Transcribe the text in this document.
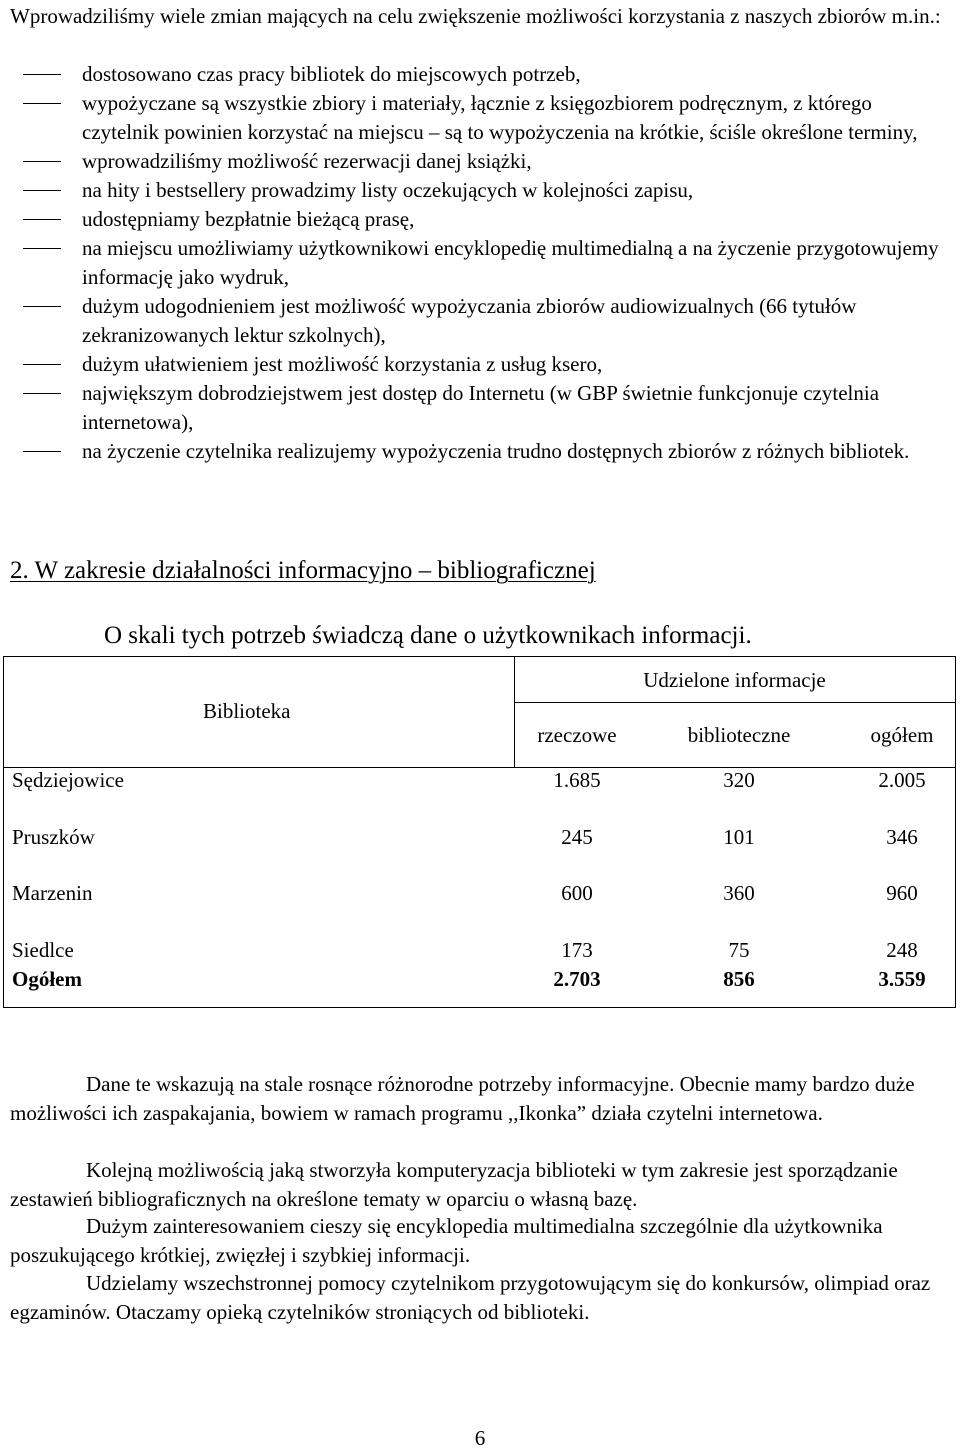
Wprowadziliśmy wiele zmian mających na celu zwiększenie możliwości korzystania z naszych zbiorów m.in.:

dostosowano czas pracy bibliotek do miejscowych potrzeb,
wypożyczane są wszystkie zbiory i materiały, łącznie z księgozbiorem podręcznym, z którego czytelnik powinien korzystać na miejscu – są to wypożyczenia na krótkie, ściśle określone terminy,
wprowadziliśmy możliwość rezerwacji danej książki,
na hity i bestsellery prowadzimy listy oczekujących w kolejności zapisu,
udostępniamy bezpłatnie bieżącą prasę,
na miejscu umożliwiamy użytkownikowi encyklopedię multimedialną a na życzenie przygotowujemy informację jako wydruk,
dużym udogodnieniem jest możliwość wypożyczania zbiorów audiowizualnych (66 tytułów zekranizowanych lektur szkolnych),
dużym ułatwieniem jest możliwość korzystania z usług ksero,
największym dobrodziejstwem jest dostęp do Internetu (w GBP świetnie funkcjonuje czytelnia internetowa),
na życzenie czytelnika realizujemy wypożyczenia trudno dostępnych zbiorów z różnych bibliotek.
2. W zakresie działalności informacyjno – bibliograficznej

O skali tych potrzeb świadczą dane o użytkownikach informacji.

Biblioteka
Udzielone informacje
rzeczowe	biblioteczne	ogółem
Sędziejowice	1.685	320	2.005
Pruszków	245	101	346
Marzenin	600	360	960
Siedlce	173	75	248
Ogółem	2.703	856	3.559

Dane te wskazują na stale rosnące różnorodne potrzeby informacyjne. Obecnie mamy bardzo duże możliwości ich zaspakajania, bowiem w ramach programu ,,Ikonka” działa czytelni internetowa.

Kolejną możliwością jaką stworzyła komputeryzacja biblioteki w tym zakresie jest sporządzanie zestawień bibliograficznych na określone tematy w oparciu o własną bazę.

Dużym zainteresowaniem cieszy się encyklopedia multimedialna szczególnie dla użytkownika poszukującego krótkiej, zwięzłej i szybkiej informacji.

Udzielamy wszechstronnej pomocy czytelnikom przygotowującym się do konkursów, olimpiad oraz egzaminów. Otaczamy opieką czytelników stroniących od biblioteki.

6
